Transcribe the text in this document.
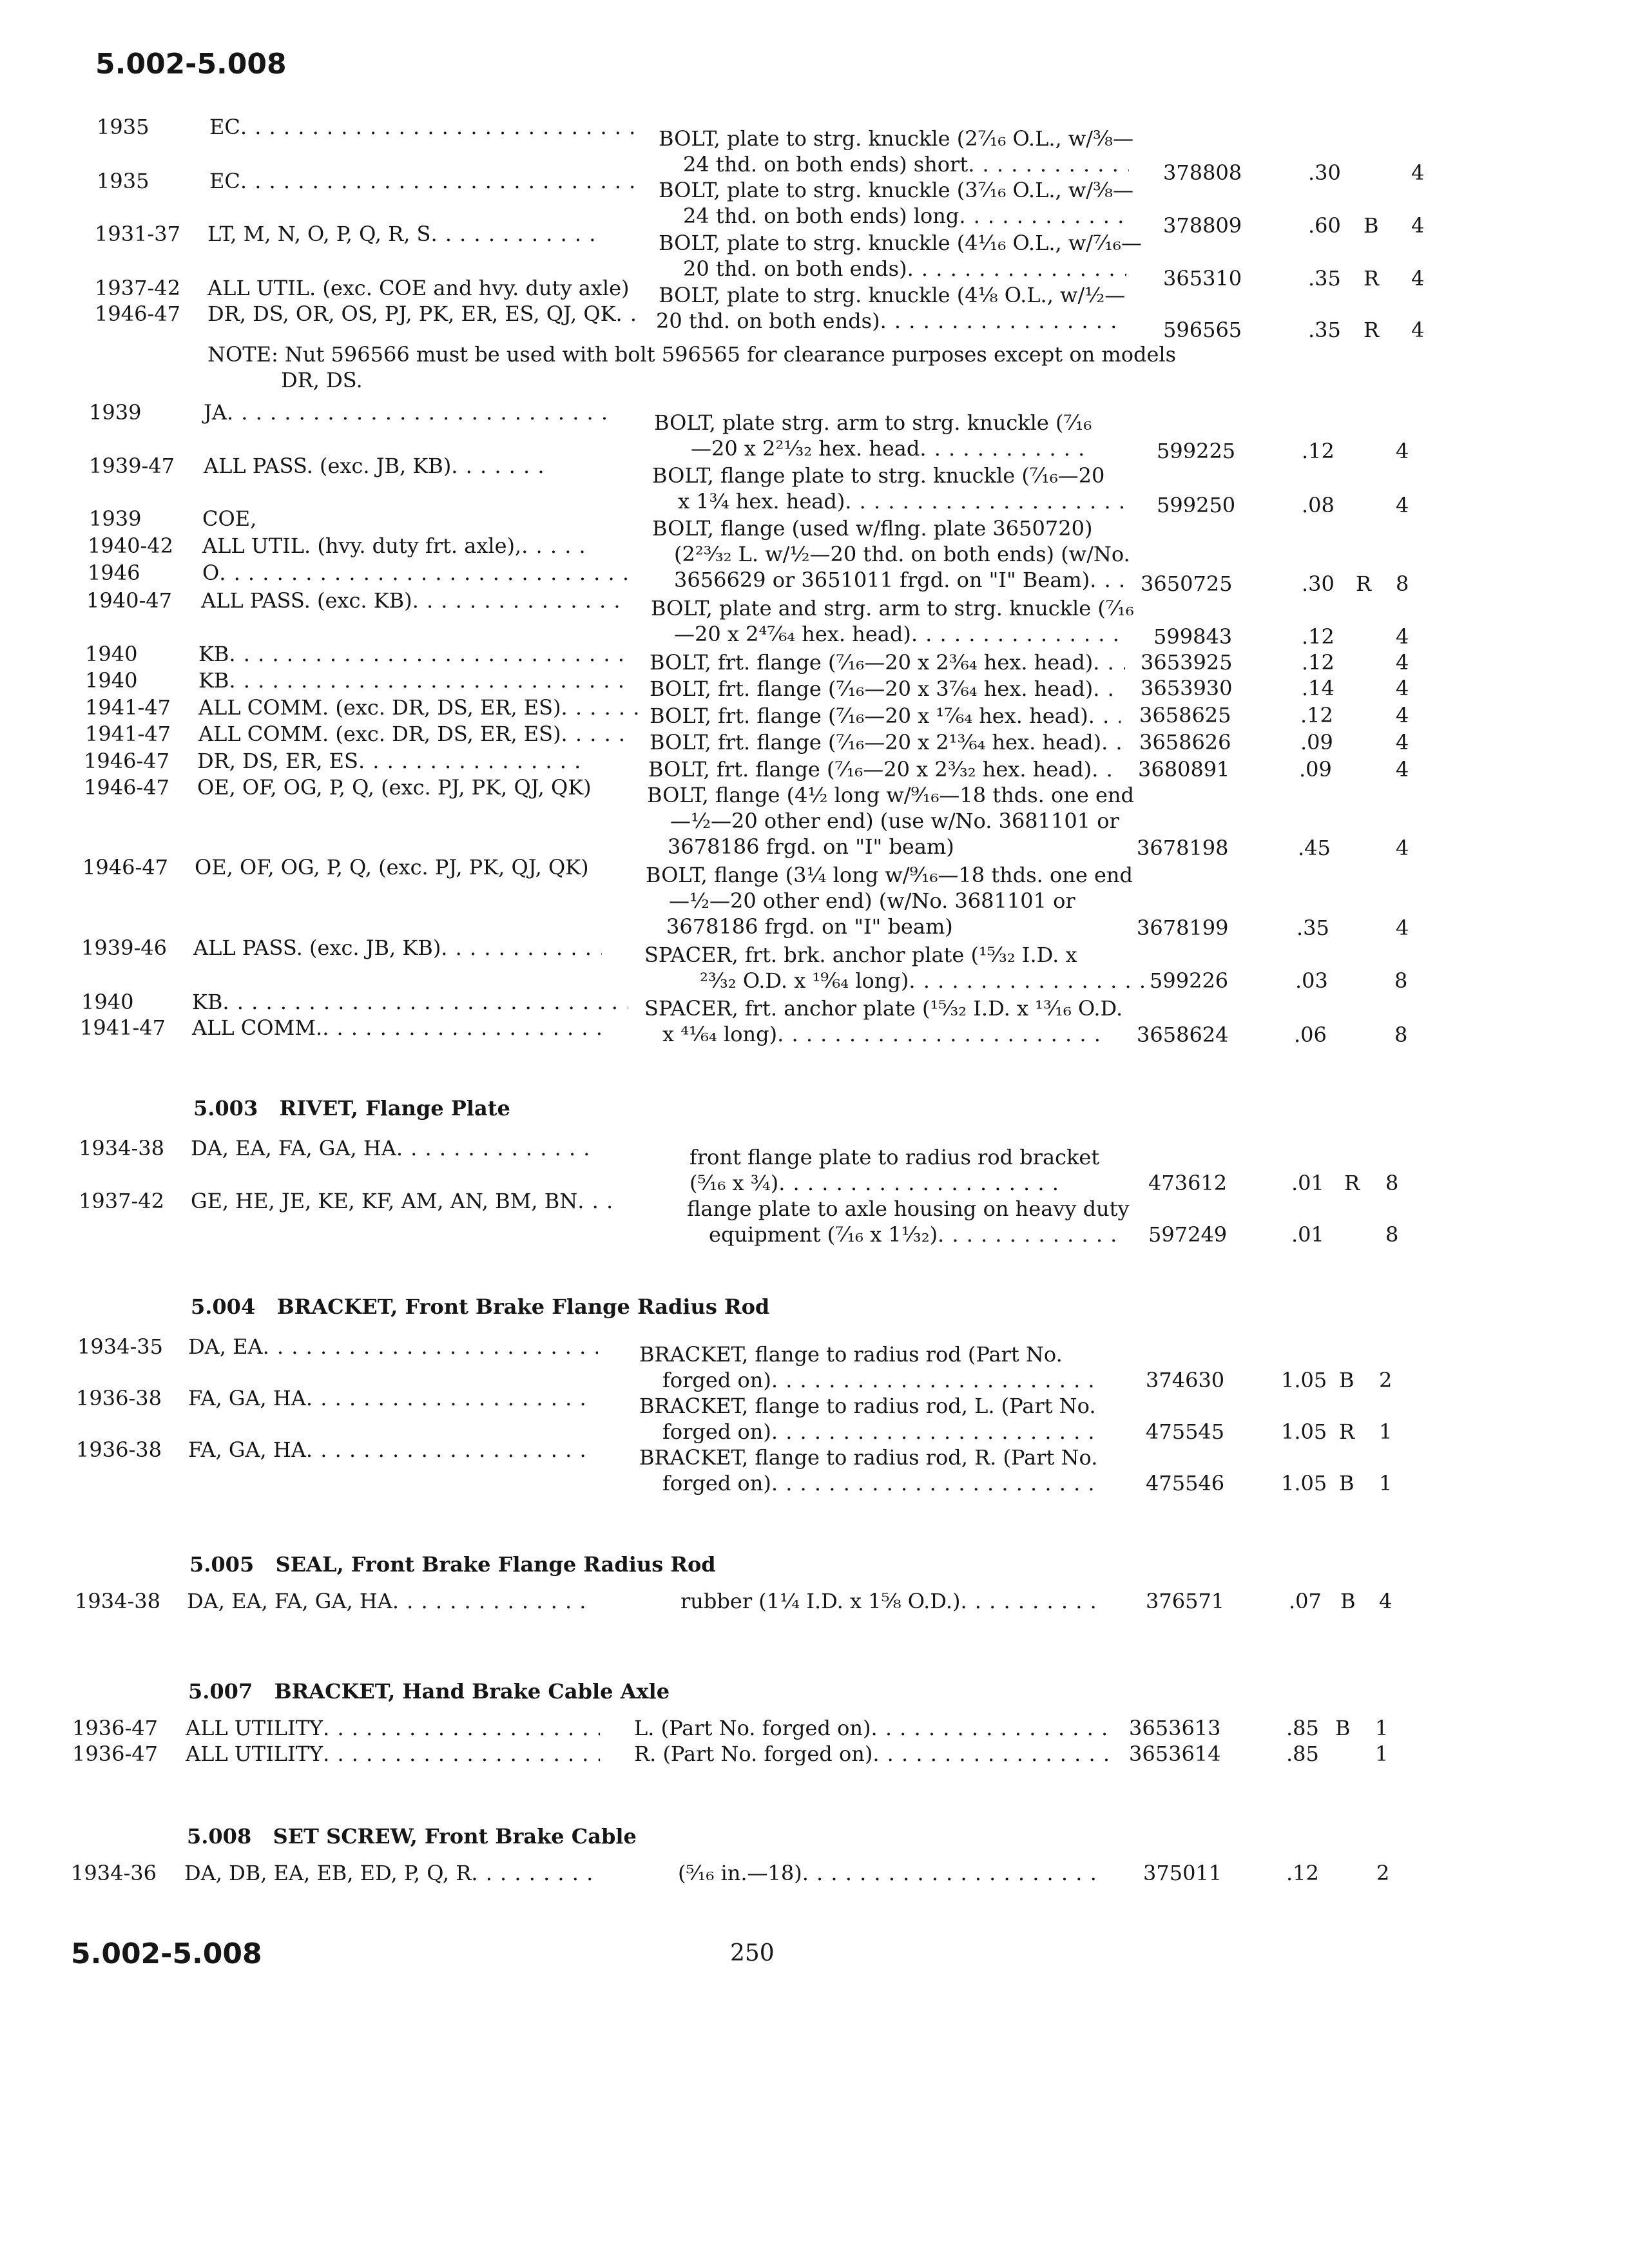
5.002-5.008
5.002-5.008	250
5.003 RIVET, Flange Plate
5.004 BRACKET, Front Brake Flange Radius Rod
5.005 SEAL, Front Brake Flange Radius Rod
5.007 BRACKET, Hand Brake Cable Axle
5.008 SET SCREW, Front Brake Cable
1935
1935
1931-37
1937-42
1946-47
1939
1939-47
1939
1940-42
1946
1940-47
1940
1940
1941-47
1941-47
1946-47
1946-47
1946-47
1939-46
1940
1941-47
1934-38
1937-42
1934-35
1936-38
1936-38
1934-38
1936-47
1936-47
1934-36
EC. . .
EC. . .
LT, M, N, O, P, Q, R, S. . .
ALL UTIL. (exc. COE and hvy. duty axle)
DR, DS, OR, OS, PJ, PK, ER, ES, QJ, QK. . .
JA. . .
ALL PASS. (exc. JB, KB). . .
COE,
ALL UTIL. (hvy. duty frt. axle),. . .
O. . .
ALL PASS. (exc. KB). . .
KB. . .
KB. . .
ALL COMM. (exc. DR, DS, ER, ES). . .
ALL COMM. (exc. DR, DS, ER, ES). . .
DR, DS, ER, ES. . .
OE, OF, OG, P, Q, (exc. PJ, PK, QJ, QK)
OE, OF, OG, P, Q, (exc. PJ, PK, QJ, QK)
ALL PASS. (exc. JB, KB). . .
KB. . .
ALL COMM.. . .
DA, EA, FA, GA, HA. . .
GE, HE, JE, KE, KF, AM, AN, BM, BN. . .
DA, EA. . .
FA, GA, HA. . .
FA, GA, HA. . .
DA, EA, FA, GA, HA. . .
ALL UTILITY. . .
ALL UTILITY. . .
DA, DB, EA, EB, ED, P, Q, R. . .
BOLT, plate to strg. knuckle (2⁷⁄₁₆ O.L., w/⅜—
24 thd. on both ends) short. . .
BOLT, plate to strg. knuckle (3⁷⁄₁₆ O.L., w/⅜—
24 thd. on both ends) long. . .
BOLT, plate to strg. knuckle (4¹⁄₁₆ O.L., w/⁷⁄₁₆—
20 thd. on both ends). . .
BOLT, plate to strg. knuckle (4⅛ O.L., w/½—
20 thd. on both ends). . .
BOLT, plate strg. arm to strg. knuckle (⁷⁄₁₆
—20 x 2²¹⁄₃₂ hex. head. . .
BOLT, flange plate to strg. knuckle (⁷⁄₁₆—20
x 1¾ hex. head). . .
BOLT, flange (used w/flng. plate 3650720)
(2²³⁄₃₂ L. w/½—20 thd. on both ends) (w/No.
3656629 or 3651011 frgd. on "I" Beam). . .
BOLT, plate and strg. arm to strg. knuckle (⁷⁄₁₆
—20 x 2⁴⁷⁄₆₄ hex. head). . .
BOLT, frt. flange (⁷⁄₁₆—20 x 2³⁄₆₄ hex. head). . .
BOLT, frt. flange (⁷⁄₁₆—20 x 3⁷⁄₆₄ hex. head). . .
BOLT, frt. flange (⁷⁄₁₆—20 x ¹⁷⁄₆₄ hex. head). . .
BOLT, frt. flange (⁷⁄₁₆—20 x 2¹³⁄₆₄ hex. head). . .
BOLT, frt. flange (⁷⁄₁₆—20 x 2³⁄₃₂ hex. head). . .
BOLT, flange (4½ long w/⁹⁄₁₆—18 thds. one end
—½—20 other end) (use w/No. 3681101 or
3678186 frgd. on "I" beam)
BOLT, flange (3¼ long w/⁹⁄₁₆—18 thds. one end
—½—20 other end) (w/No. 3681101 or
3678186 frgd. on "I" beam)
SPACER, frt. brk. anchor plate (¹⁵⁄₃₂ I.D. x
²³⁄₃₂ O.D. x ¹⁹⁄₆₄ long). . .
SPACER, frt. anchor plate (¹⁵⁄₃₂ I.D. x ¹³⁄₁₆ O.D.
x ⁴¹⁄₆₄ long). . .
front flange plate to radius rod bracket
(⁵⁄₁₆ x ¾). . .
flange plate to axle housing on heavy duty
equipment (⁷⁄₁₆ x 1¹⁄₃₂). . .
BRACKET, flange to radius rod (Part No.
forged on). . .
BRACKET, flange to radius rod, L. (Part No.
forged on). . .
BRACKET, flange to radius rod, R. (Part No.
forged on). . .
rubber (1¼ I.D. x 1⅝ O.D.). . .
L. (Part No. forged on). . .
R. (Part No. forged on). . .
(⁵⁄₁₆ in.—18). . .
NOTE: Nut 596566 must be used with bolt 596565 for clearance purposes except on models
DR, DS.
378808
378809
365310
596565
599225
599250
3650725
599843
3653925
3653930
3658625
3658626
3680891
3678198
3678199
599226
3658624
473612
597249
374630
475545
475546
376571
3653613
3653614
375011
.30
.60
.35
.35
.12
.08
.30
.12
.12
.14
.12
.09
.09
.45
.35
.03
.06
.01
.01
1.05
1.05
1.05
.07
.85
.85
.12
B
R
R
R
R
B
R
B
B
B
4
4
4
4
4
4
8
4
4
4
4
4
4
4
4
8
8
8
8
2
1
1
4
1
1
2
